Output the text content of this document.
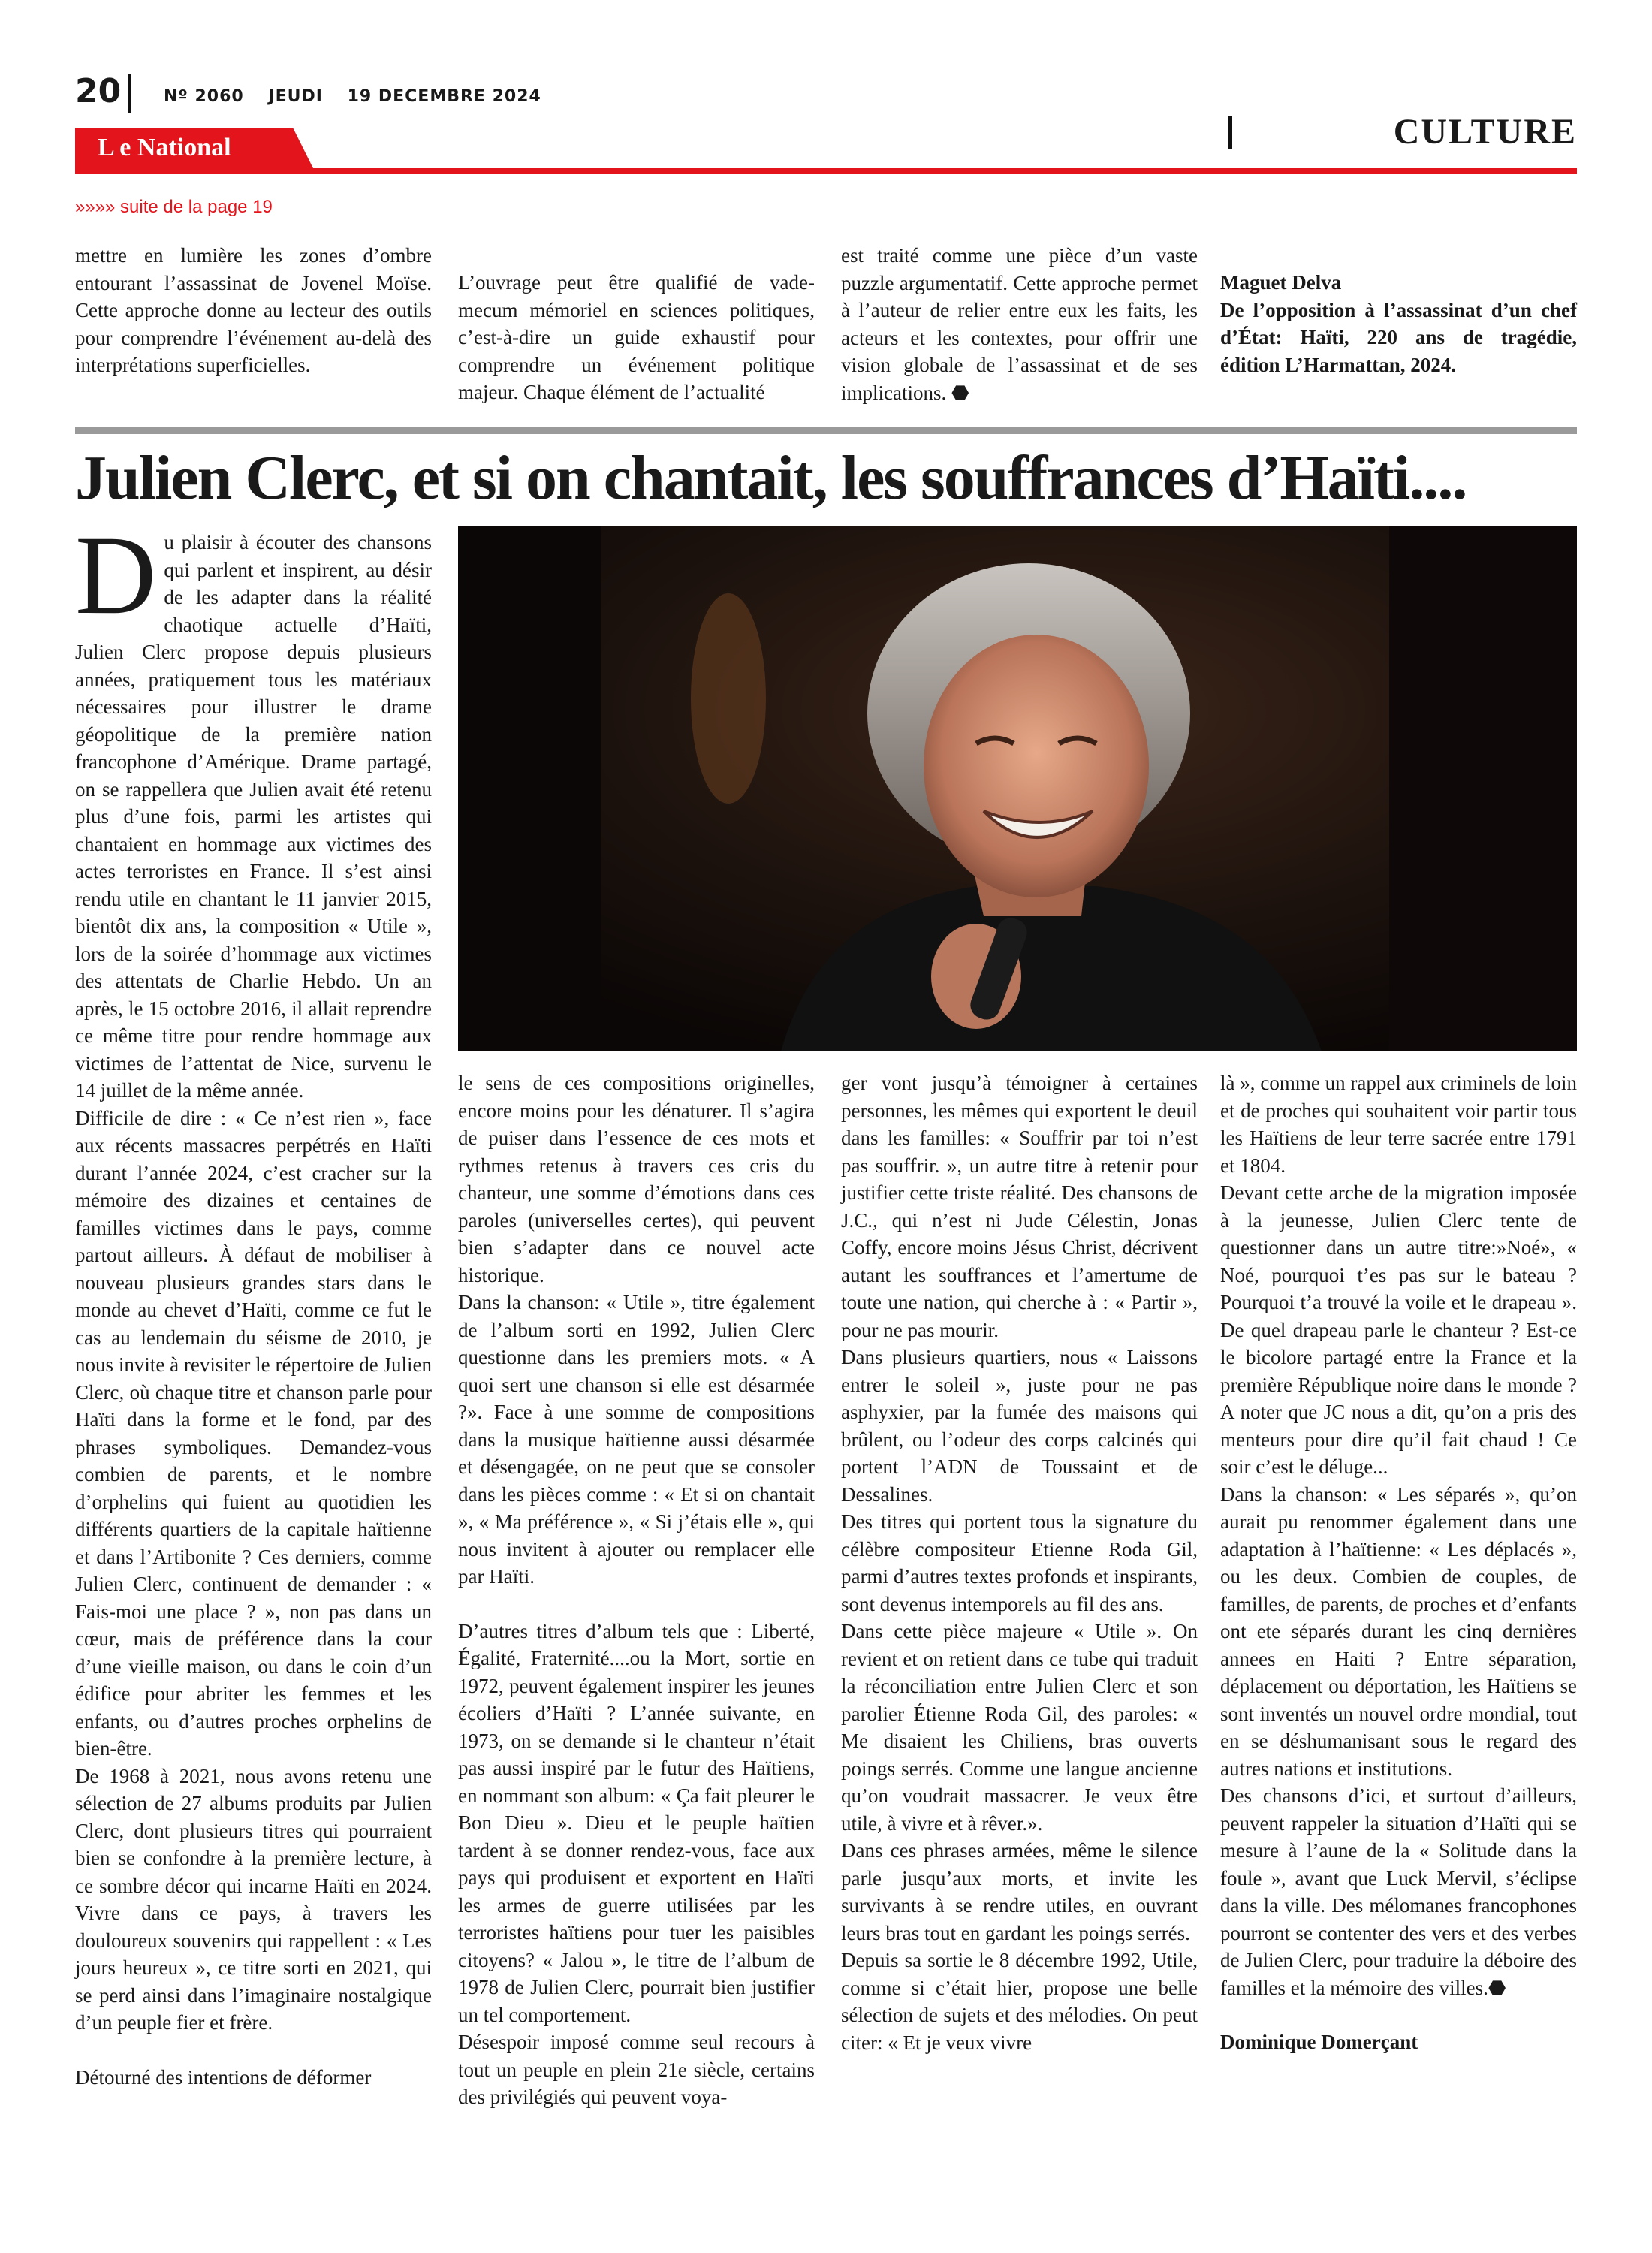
20	Nº 2060 JEUDI 19 DECEMBRE 2024
L e National	CULTURE
»»»» suite de la page 19

mettre en lumière les zones d’ombre entourant l’assassinat de Jovenel Moïse. Cette approche donne au lecteur des outils pour comprendre l’événement au-delà des interprétations superficielles.

L’ouvrage peut être qualifié de vade-mecum mémoriel en sciences politiques, c’est-à-dire un guide exhaustif pour comprendre un événement politique majeur. Chaque élément de l’actualité

est traité comme une pièce d’un vaste puzzle argumentatif. Cette approche permet à l’auteur de relier entre eux les faits, les acteurs et les contextes, pour offrir une vision globale de l’assassinat et de ses implications. ⬣

Maguet Delva

De l’opposition à l’assassinat d’un chef d’État: Haïti, 220 ans de tragédie, édition L’Harmattan, 2024.

Julien Clerc, et si on chantait, les souffrances d’Haïti....

Du plaisir à écouter des chansons qui parlent et inspirent, au désir de les adapter dans la réalité chaotique actuelle d’Haïti, Julien Clerc propose depuis plusieurs années, pratiquement tous les matériaux nécessaires pour illustrer le drame géopolitique de la première nation francophone d’Amérique. Drame partagé, on se rappellera que Julien avait été retenu plus d’une fois, parmi les artistes qui chantaient en hommage aux victimes des actes terroristes en France. Il s’est ainsi rendu utile en chantant le 11 janvier 2015, bientôt dix ans, la composition « Utile », lors de la soirée d’hommage aux victimes des attentats de Charlie Hebdo. Un an après, le 15 octobre 2016, il allait reprendre ce même titre pour rendre hommage aux victimes de l’attentat de Nice, survenu le 14 juillet de la même année.

Difficile de dire : « Ce n’est rien », face aux récents massacres perpétrés en Haïti durant l’année 2024, c’est cracher sur la mémoire des dizaines et centaines de familles victimes dans le pays, comme partout ailleurs. À défaut de mobiliser à nouveau plusieurs grandes stars dans le monde au chevet d’Haïti, comme ce fut le cas au lendemain du séisme de 2010, je nous invite à revisiter le répertoire de Julien Clerc, où chaque titre et chanson parle pour Haïti dans la forme et le fond, par des phrases symboliques. Demandez-vous combien de parents, et le nombre d’orphelins qui fuient au quotidien les différents quartiers de la capitale haïtienne et dans l’Artibonite ? Ces derniers, comme Julien Clerc, continuent de demander : « Fais-moi une place ? », non pas dans un cœur, mais de préférence dans la cour d’une vieille maison, ou dans le coin d’un édifice pour abriter les femmes et les enfants, ou d’autres proches orphelins de bien-être.

De 1968 à 2021, nous avons retenu une sélection de 27 albums produits par Julien Clerc, dont plusieurs titres qui pourraient bien se confondre à la première lecture, à ce sombre décor qui incarne Haïti en 2024. Vivre dans ce pays, à travers les douloureux souvenirs qui rappellent : « Les jours heureux », ce titre sorti en 2021, qui se perd ainsi dans l’imaginaire nostalgique d’un peuple fier et frère.

Détourné des intentions de déformer

le sens de ces compositions originelles, encore moins pour les dénaturer. Il s’agira de puiser dans l’essence de ces mots et rythmes retenus à travers ces cris du chanteur, une somme d’émotions dans ces paroles (universelles certes), qui peuvent bien s’adapter dans ce nouvel acte historique.

Dans la chanson: « Utile », titre également de l’album sorti en 1992, Julien Clerc questionne dans les premiers mots. « A quoi sert une chanson si elle est désarmée ?». Face à une somme de compositions dans la musique haïtienne aussi désarmée et désengagée, on ne peut que se consoler dans les pièces comme : « Et si on chantait », « Ma préférence », « Si j’étais elle », qui nous invitent à ajouter ou remplacer elle par Haïti.

D’autres titres d’album tels que : Liberté, Égalité, Fraternité....ou la Mort, sortie en 1972, peuvent également inspirer les jeunes écoliers d’Haïti ? L’année suivante, en 1973, on se demande si le chanteur n’était pas aussi inspiré par le futur des Haïtiens, en nommant son album: « Ça fait pleurer le Bon Dieu ». Dieu et le peuple haïtien tardent à se donner rendez-vous, face aux pays qui produisent et exportent en Haïti les armes de guerre utilisées par les terroristes haïtiens pour tuer les paisibles citoyens? « Jalou », le titre de l’album de 1978 de Julien Clerc, pourrait bien justifier un tel comportement.

Désespoir imposé comme seul recours à tout un peuple en plein 21e siècle, certains des privilégiés qui peuvent voya-

ger vont jusqu’à témoigner à certaines personnes, les mêmes qui exportent le deuil dans les familles: « Souffrir par toi n’est pas souffrir. », un autre titre à retenir pour justifier cette triste réalité. Des chansons de J.C., qui n’est ni Jude Célestin, Jonas Coffy, encore moins Jésus Christ, décrivent autant les souffrances et l’amertume de toute une nation, qui cherche à : « Partir », pour ne pas mourir.

Dans plusieurs quartiers, nous « Laissons entrer le soleil », juste pour ne pas asphyxier, par la fumée des maisons qui brûlent, ou l’odeur des corps calcinés qui portent l’ADN de Toussaint et de Dessalines.

Des titres qui portent tous la signature du célèbre compositeur Etienne Roda Gil, parmi d’autres textes profonds et inspirants, sont devenus intemporels au fil des ans.

Dans cette pièce majeure « Utile ». On revient et on retient dans ce tube qui traduit la réconciliation entre Julien Clerc et son parolier Étienne Roda Gil, des paroles: « Me disaient les Chiliens, bras ouverts poings serrés. Comme une langue ancienne qu’on voudrait massacrer. Je veux être utile, à vivre et à rêver.».

Dans ces phrases armées, même le silence parle jusqu’aux morts, et invite les survivants à se rendre utiles, en ouvrant leurs bras tout en gardant les poings serrés.

Depuis sa sortie le 8 décembre 1992, Utile, comme si c’était hier, propose une belle sélection de sujets et des mélodies. On peut citer: « Et je veux vivre

là », comme un rappel aux criminels de loin et de proches qui souhaitent voir partir tous les Haïtiens de leur terre sacrée entre 1791 et 1804.

Devant cette arche de la migration imposée à la jeunesse, Julien Clerc tente de questionner dans un autre titre:»Noé», « Noé, pourquoi t’es pas sur le bateau ? Pourquoi t’a trouvé la voile et le drapeau ». De quel drapeau parle le chanteur ? Est-ce le bicolore partagé entre la France et la première République noire dans le monde ? A noter que JC nous a dit, qu’on a pris des menteurs pour dire qu’il fait chaud ! Ce soir c’est le déluge...

Dans la chanson: « Les séparés », qu’on aurait pu renommer également dans une adaptation à l’haïtienne: « Les déplacés », ou les deux. Combien de couples, de familles, de parents, de proches et d’enfants ont ete séparés durant les cinq dernières annees en Haiti ? Entre séparation, déplacement ou déportation, les Haïtiens se sont inventés un nouvel ordre mondial, tout en se déshumanisant sous le regard des autres nations et institutions.

Des chansons d’ici, et surtout d’ailleurs, peuvent rappeler la situation d’Haïti qui se mesure à l’aune de la « Solitude dans la foule », avant que Luck Mervil, s’éclipse dans la ville. Des mélomanes francophones pourront se contenter des vers et des verbes de Julien Clerc, pour traduire la déboire des familles et la mémoire des villes.⬣

Dominique Domerçant
